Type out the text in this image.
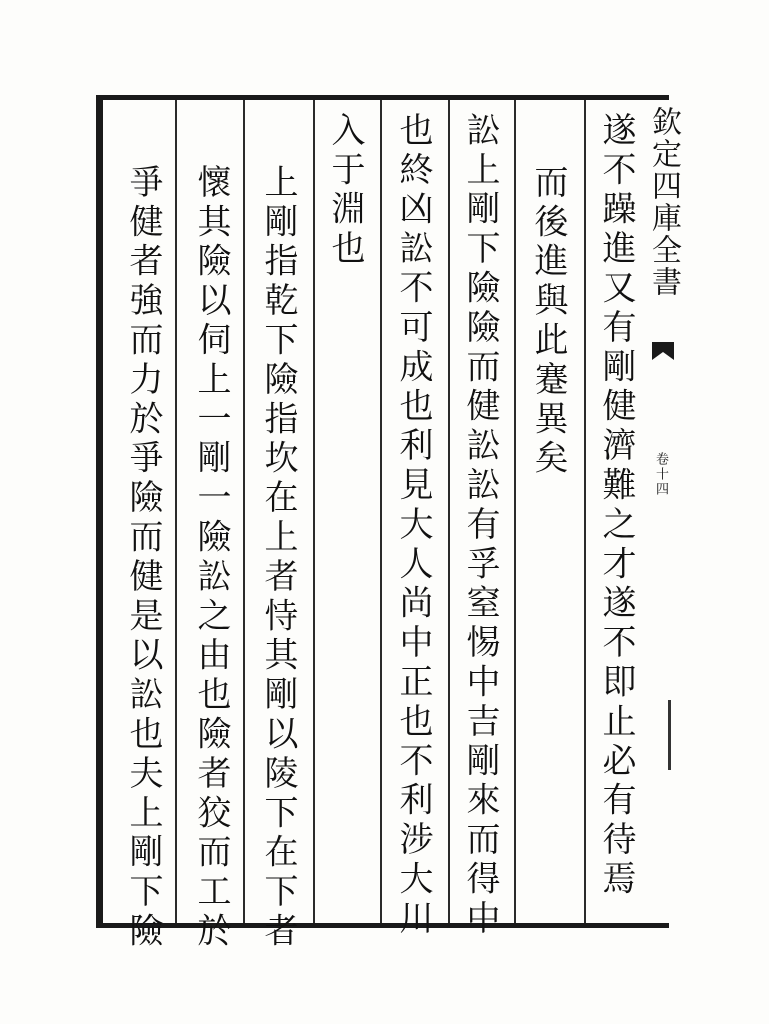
欽定四庫全書
卷十四
遂不躁進又有剛健濟難之才遂不即止必有待焉
而後進與此蹇異矣
訟上剛下險險而健訟訟有孚窒惕中吉剛來而得中
也終凶訟不可成也利見大人尚中正也不利涉大川
入于淵也
上剛指乾下險指坎在上者恃其剛以陵下在下者
懷其險以伺上一剛一險訟之由也險者狡而工於
爭健者強而力於爭險而健是以訟也夫上剛下險
